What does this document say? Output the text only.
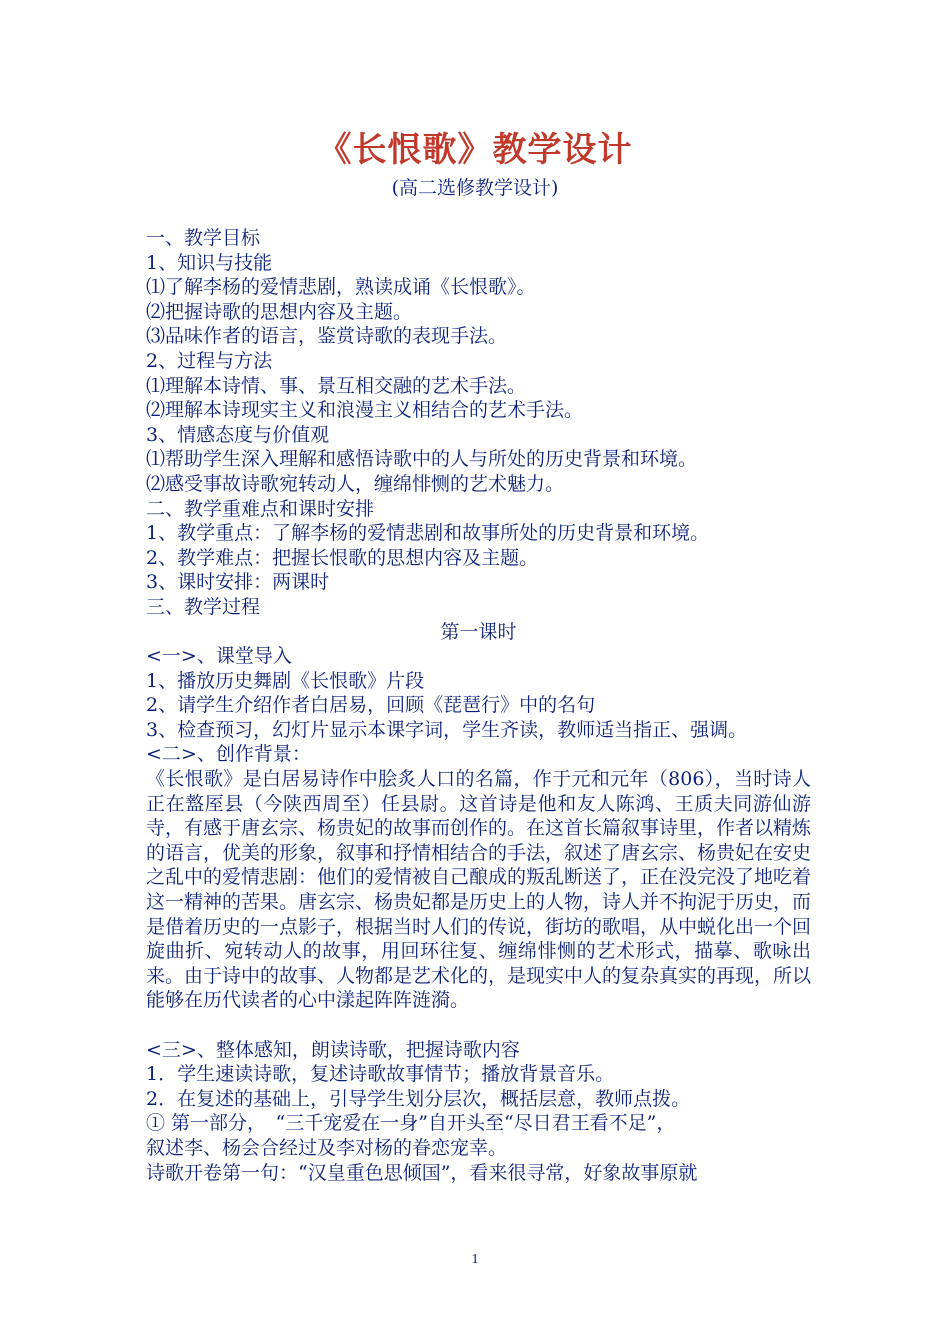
《长恨歌》教学设计
(高二选修教学设计)
一、教学目标
1、知识与技能
⑴了解李杨的爱情悲剧，熟读成诵《长恨歌》。
⑵把握诗歌的思想内容及主题。
⑶品味作者的语言，鉴赏诗歌的表现手法。
2、过程与方法
⑴理解本诗情、事、景互相交融的艺术手法。
⑵理解本诗现实主义和浪漫主义相结合的艺术手法。
3、情感态度与价值观
⑴帮助学生深入理解和感悟诗歌中的人与所处的历史背景和环境。
⑵感受事故诗歌宛转动人，缠绵悱恻的艺术魅力。
二、教学重难点和课时安排
1、教学重点：了解李杨的爱情悲剧和故事所处的历史背景和环境。
2、教学难点：把握长恨歌的思想内容及主题。
3、课时安排：两课时
三、教学过程
第一课时
<一>、课堂导入
1、播放历史舞剧《长恨歌》片段
2、请学生介绍作者白居易，回顾《琵琶行》中的名句
3、检查预习，幻灯片显示本课字词，学生齐读，教师适当指正、强调。
<二>、创作背景：
《长恨歌》是白居易诗作中脍炙人口的名篇，作于元和元年（806），当时诗人正在盩厔县（今陕西周至）任县尉。这首诗是他和友人陈鸿、王质夫同游仙游寺，有感于唐玄宗、杨贵妃的故事而创作的。在这首长篇叙事诗里，作者以精炼的语言，优美的形象，叙事和抒情相结合的手法，叙述了唐玄宗、杨贵妃在安史之乱中的爱情悲剧：他们的爱情被自己酿成的叛乱断送了，正在没完没了地吃着这一精神的苦果。唐玄宗、杨贵妃都是历史上的人物，诗人并不拘泥于历史，而是借着历史的一点影子，根据当时人们的传说，街坊的歌唱，从中蜕化出一个回旋曲折、宛转动人的故事，用回环往复、缠绵悱恻的艺术形式，描摹、歌咏出来。由于诗中的故事、人物都是艺术化的，是现实中人的复杂真实的再现，所以能够在历代读者的心中漾起阵阵涟漪。
<三>、整体感知，朗读诗歌，把握诗歌内容
1．学生速读诗歌，复述诗歌故事情节；播放背景音乐。
2．在复述的基础上，引导学生划分层次，概括层意，教师点拨。
① 第一部分，　“三千宠爱在一身”自开头至“尽日君王看不足”，
叙述李、杨会合经过及李对杨的眷恋宠幸。
诗歌开卷第一句：“汉皇重色思倾国”，看来很寻常，好象故事原就
1
